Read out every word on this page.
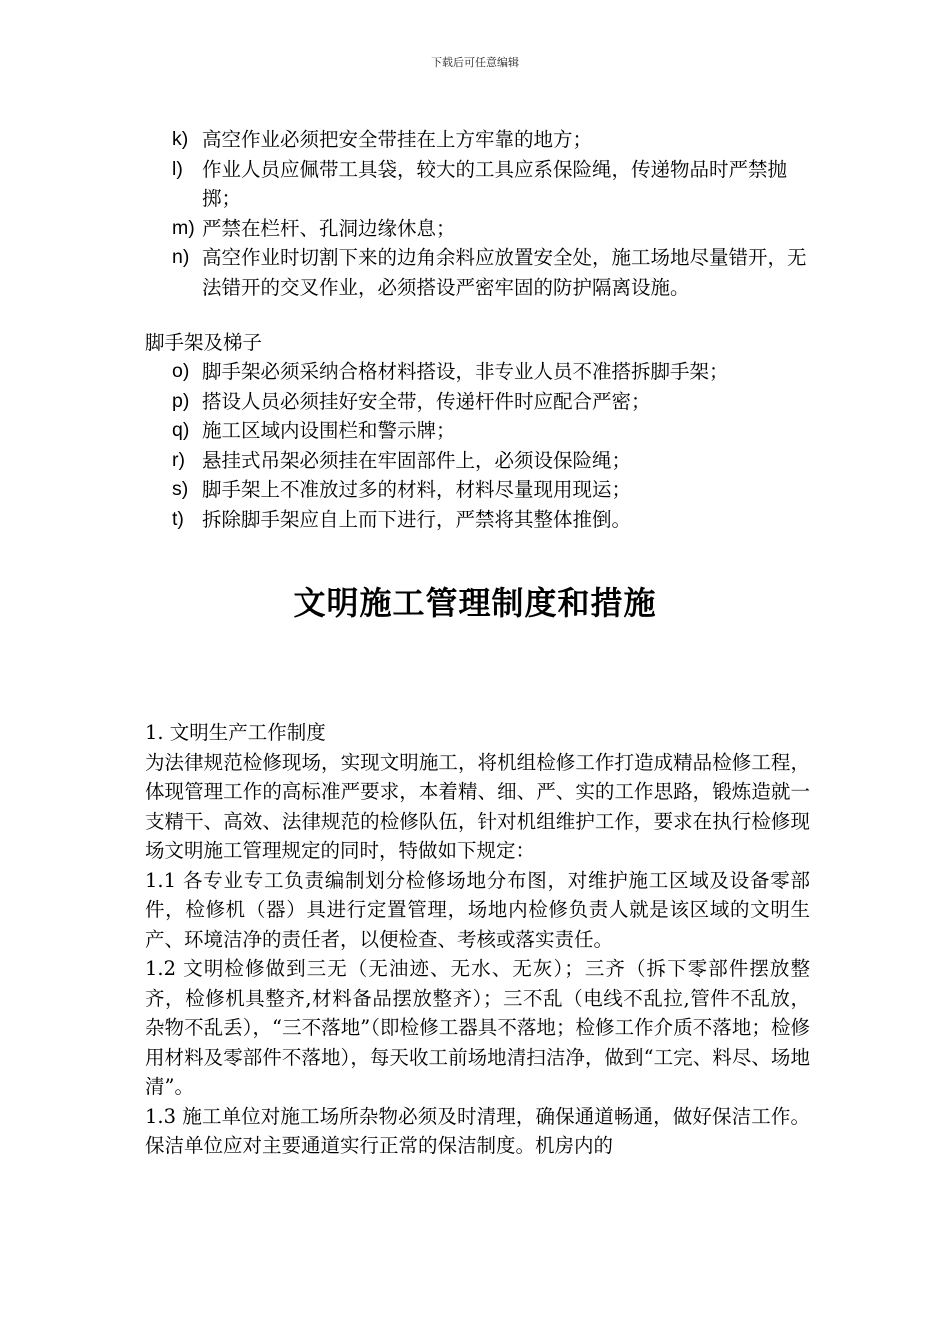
下载后可任意编辑
k) 高空作业必须把安全带挂在上方牢靠的地方；
l) 作业人员应佩带工具袋，较大的工具应系保险绳，传递物品时严禁抛掷；
m) 严禁在栏杆、孔洞边缘休息；
n) 高空作业时切割下来的边角余料应放置安全处，施工场地尽量错开，无法错开的交叉作业，必须搭设严密牢固的防护隔离设施。
脚手架及梯子
o) 脚手架必须采纳合格材料搭设，非专业人员不准搭拆脚手架；
p) 搭设人员必须挂好安全带，传递杆件时应配合严密；
q) 施工区域内设围栏和警示牌；
r) 悬挂式吊架必须挂在牢固部件上，必须设保险绳；
s) 脚手架上不准放过多的材料，材料尽量现用现运；
t) 拆除脚手架应自上而下进行，严禁将其整体推倒。
文明施工管理制度和措施

1. 文明生产工作制度

为法律规范检修现场，实现文明施工，将机组检修工作打造成精品检修工程，体现管理工作的高标准严要求，本着精、细、严、实的工作思路，锻炼造就一支精干、高效、法律规范的检修队伍，针对机组维护工作，要求在执行检修现场文明施工管理规定的同时，特做如下规定：

1.1 各专业专工负责编制划分检修场地分布图，对维护施工区域及设备零部件，检修机（器）具进行定置管理，场地内检修负责人就是该区域的文明生产、环境洁净的责任者，以便检查、考核或落实责任。

1.2 文明检修做到三无（无油迹、无水、无灰）；三齐（拆下零部件摆放整齐，检修机具整齐,材料备品摆放整齐）；三不乱（电线不乱拉,管件不乱放，杂物不乱丢），“三不落地”（即检修工器具不落地；检修工作介质不落地；检修用材料及零部件不落地），每天收工前场地清扫洁净，做到“工完、料尽、场地清”。

1.3 施工单位对施工场所杂物必须及时清理，确保通道畅通，做好保洁工作。保洁单位应对主要通道实行正常的保洁制度。机房内的
